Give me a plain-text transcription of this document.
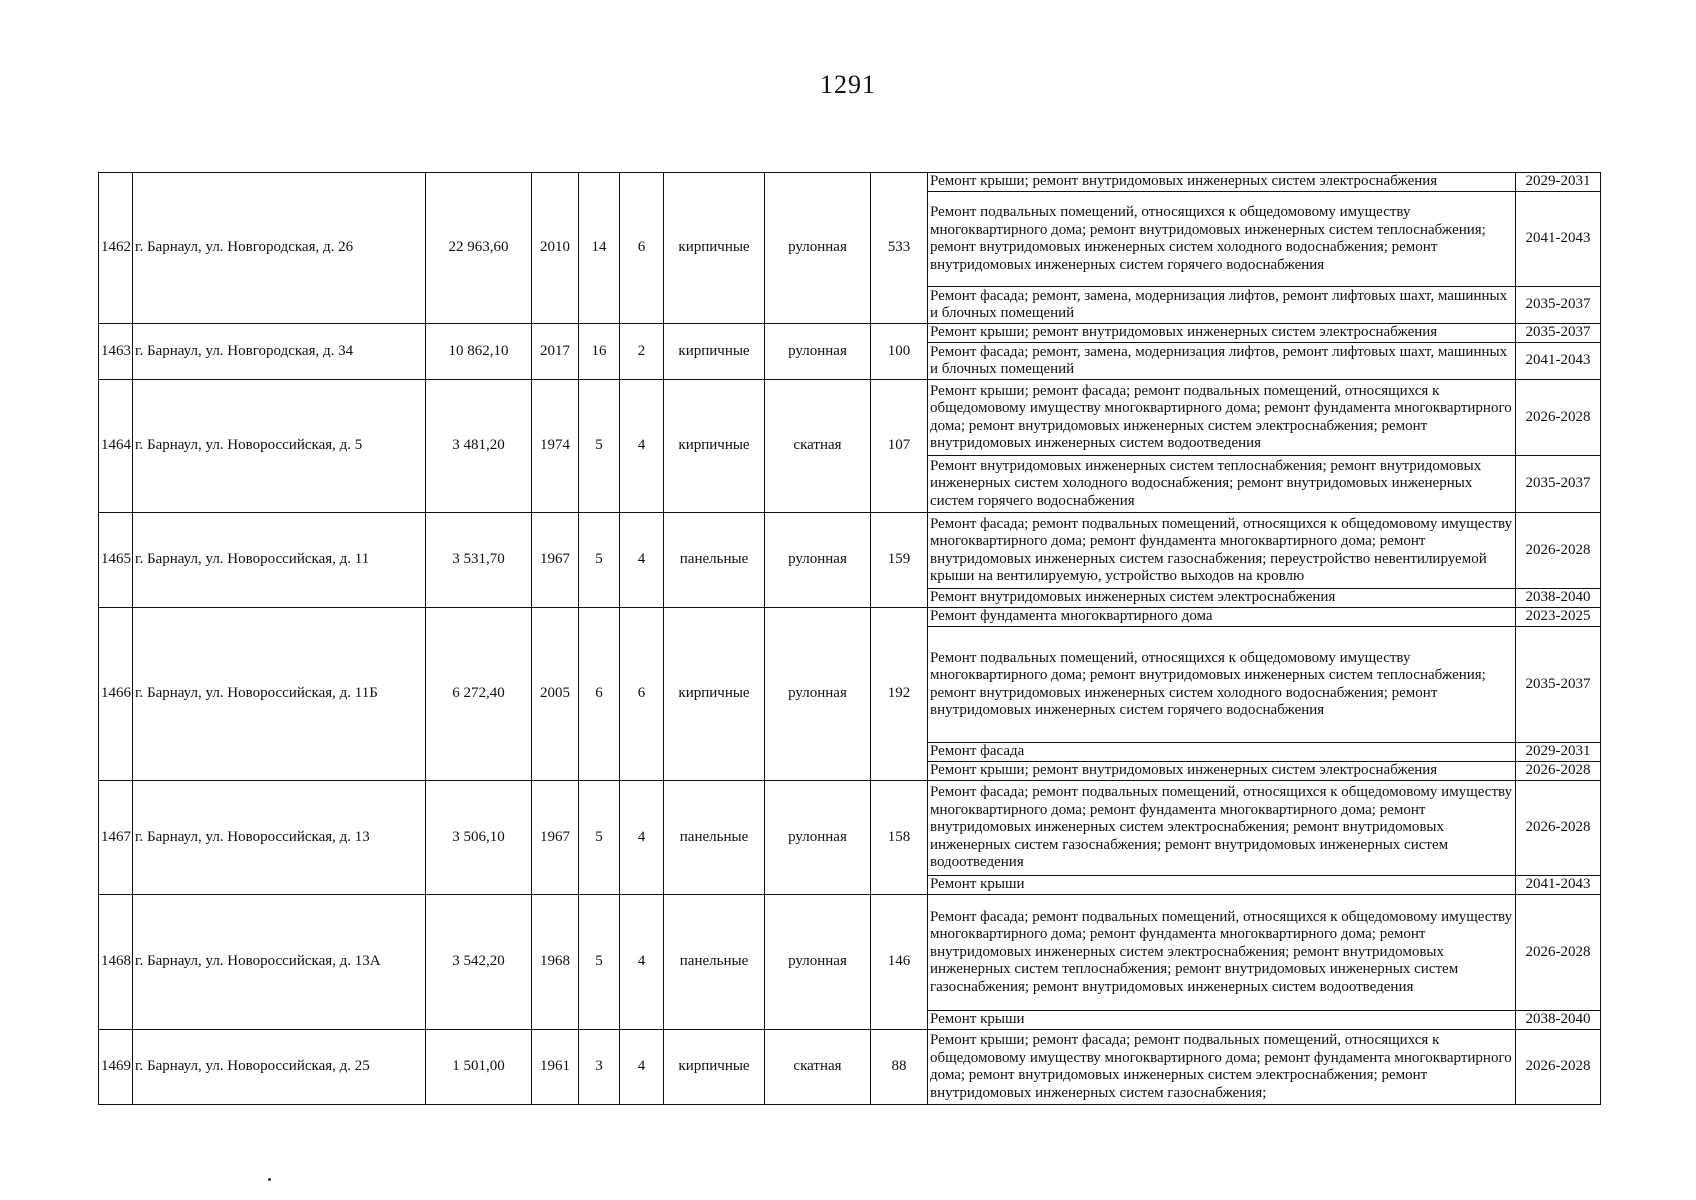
1291
1462	г. Барнаул, ул. Новгородская, д. 26	22 963,60	2010	14	6	кирпичные	рулонная	533	Ремонт крыши; ремонт внутридомовых инженерных систем электроснабжения	2029-2031
									Ремонт подвальных помещений, относящихся к общедомовому имуществу многоквартирного дома; ремонт внутридомовых инженерных систем теплоснабжения; ремонт внутридомовых инженерных систем холодного водоснабжения; ремонт внутридомовых инженерных систем горячего водоснабжения	2041-2043
									Ремонт фасада; ремонт, замена, модернизация лифтов, ремонт лифтовых шахт, машинных и блочных помещений	2035-2037
1463	г. Барнаул, ул. Новгородская, д. 34	10 862,10	2017	16	2	кирпичные	рулонная	100	Ремонт крыши; ремонт внутридомовых инженерных систем электроснабжения	2035-2037
									Ремонт фасада; ремонт, замена, модернизация лифтов, ремонт лифтовых шахт, машинных и блочных помещений	2041-2043
1464	г. Барнаул, ул. Новороссийская, д. 5	3 481,20	1974	5	4	кирпичные	скатная	107	Ремонт крыши; ремонт фасада; ремонт подвальных помещений, относящихся к общедомовому имуществу многоквартирного дома; ремонт фундамента многоквартирного дома; ремонт внутридомовых инженерных систем электроснабжения; ремонт внутридомовых инженерных систем водоотведения	2026-2028
									Ремонт внутридомовых инженерных систем теплоснабжения; ремонт внутридомовых инженерных систем холодного водоснабжения; ремонт внутридомовых инженерных систем горячего водоснабжения	2035-2037
1465	г. Барнаул, ул. Новороссийская, д. 11	3 531,70	1967	5	4	панельные	рулонная	159	Ремонт фасада; ремонт подвальных помещений, относящихся к общедомовому имуществу многоквартирного дома; ремонт фундамента многоквартирного дома; ремонт внутридомовых инженерных систем газоснабжения; переустройство невентилируемой крыши на вентилируемую, устройство выходов на кровлю	2026-2028
									Ремонт внутридомовых инженерных систем электроснабжения	2038-2040
1466	г. Барнаул, ул. Новороссийская, д. 11Б	6 272,40	2005	6	6	кирпичные	рулонная	192	Ремонт фундамента многоквартирного дома	2023-2025
									Ремонт подвальных помещений, относящихся к общедомовому имуществу многоквартирного дома; ремонт внутридомовых инженерных систем теплоснабжения; ремонт внутридомовых инженерных систем холодного водоснабжения; ремонт внутридомовых инженерных систем горячего водоснабжения	2035-2037
									Ремонт фасада	2029-2031
									Ремонт крыши; ремонт внутридомовых инженерных систем электроснабжения	2026-2028
1467	г. Барнаул, ул. Новороссийская, д. 13	3 506,10	1967	5	4	панельные	рулонная	158	Ремонт фасада; ремонт подвальных помещений, относящихся к общедомовому имуществу многоквартирного дома; ремонт фундамента многоквартирного дома; ремонт внутридомовых инженерных систем электроснабжения; ремонт внутридомовых инженерных систем газоснабжения; ремонт внутридомовых инженерных систем водоотведения	2026-2028
									Ремонт крыши	2041-2043
1468	г. Барнаул, ул. Новороссийская, д. 13А	3 542,20	1968	5	4	панельные	рулонная	146	Ремонт фасада; ремонт подвальных помещений, относящихся к общедомовому имуществу многоквартирного дома; ремонт фундамента многоквартирного дома; ремонт внутридомовых инженерных систем электроснабжения; ремонт внутридомовых инженерных систем теплоснабжения; ремонт внутридомовых инженерных систем газоснабжения; ремонт внутридомовых инженерных систем водоотведения	2026-2028
									Ремонт крыши	2038-2040
1469	г. Барнаул, ул. Новороссийская, д. 25	1 501,00	1961	3	4	кирпичные	скатная	88	Ремонт крыши; ремонт фасада; ремонт подвальных помещений, относящихся к общедомовому имуществу многоквартирного дома; ремонт фундамента многоквартирного дома; ремонт внутридомовых инженерных систем электроснабжения; ремонт внутридомовых инженерных систем газоснабжения;	2026-2028
